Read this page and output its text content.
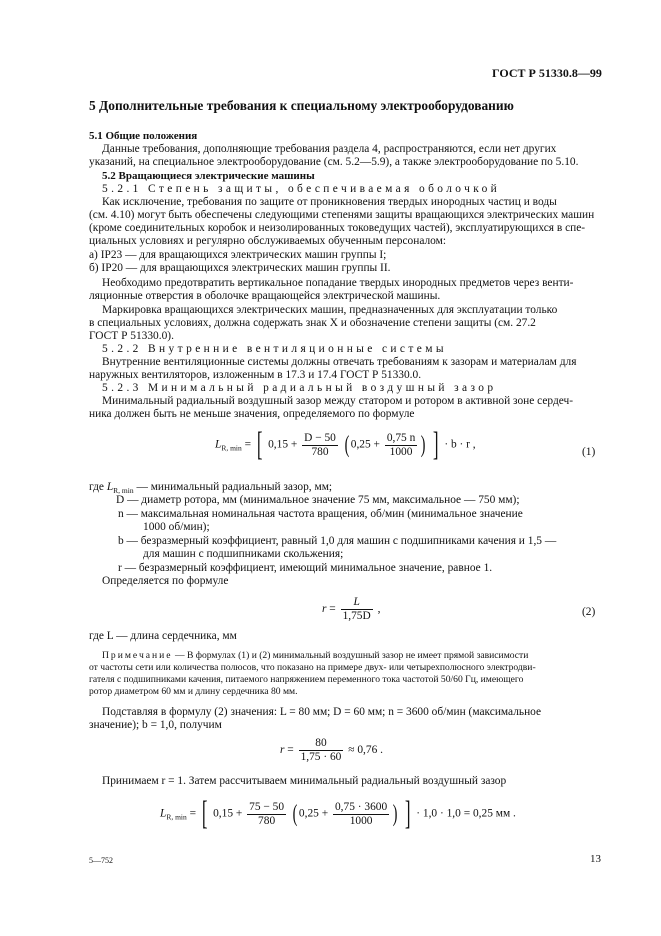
ГОСТ Р 51330.8—99
5 Дополнительные требования к специальному электрооборудованию
5.1 Общие положения
Данные требования, дополняющие требования раздела 4, распространяются, если нет других
указаний, на специальное электрооборудование (см. 5.2—5.9), а также электрооборудование по 5.10.
5.2 Вращающиеся электрические машины
5.2.1 Степень защиты, обеспечиваемая оболочкой
Как исключение, требования по защите от проникновения твердых инородных частиц и воды
(см. 4.10) могут быть обеспечены следующими степенями защиты вращающихся электрических машин
(кроме соединительных коробок и неизолированных токоведущих частей), эксплуатирующихся в спе-
циальных условиях и регулярно обслуживаемых обученным персоналом:
а) IP23 — для вращающихся электрических машин группы I;
б) IP20 — для вращающихся электрических машин группы II.
Необходимо предотвратить вертикальное попадание твердых инородных предметов через венти-
ляционные отверстия в оболочке вращающейся электрической машины.
Маркировка вращающихся электрических машин, предназначенных для эксплуатации только
в специальных условиях, должна содержать знак X и обозначение степени защиты (см. 27.2
ГОСТ Р 51330.0).
5.2.2 Внутренние вентиляционные системы
Внутренние вентиляционные системы должны отвечать требованиям к зазорам и материалам для
наружных вентиляторов, изложенным в 17.3 и 17.4 ГОСТ Р 51330.0.
5.2.3 Минимальный радиальный воздушный зазор
Минимальный радиальный воздушный зазор между статором и ротором в активной зоне сердеч-
ника должен быть не меньше значения, определяемого по формуле
$L_{R, min}$ = [ $0,15 + \frac{D - 50}{780}$ ( $0,25 + \frac{0,75 n}{1000}$ ) ] · b · r ,
(1)
где $L_{R, min}$ — минимальный радиальный зазор, мм;
D — диаметр ротора, мм (минимальное значение 75 мм, максимальное — 750 мм);
n — максимальная номинальная частота вращения, об/мин (минимальное значение
1000 об/мин);
b — безразмерный коэффициент, равный 1,0 для машин с подшипниками качения и 1,5 —
для машин с подшипниками скольжения;
r — безразмерный коэффициент, имеющий минимальное значение, равное 1.
Определяется по формуле
$r = \frac{L}{1,75D}$ ,	(2)
где L — длина сердечника, мм
Примечание — В формулах (1) и (2) минимальный воздушный зазор не имеет прямой зависимости
от частоты сети или количества полюсов, что показано на примере двух- или четырехполюсного электродви-
гателя с подшипниками качения, питаемого напряжением переменного тока частотой 50/60 Гц, имеющего
ротор диаметром 60 мм и длину сердечника 80 мм.
Подставляя в формулу (2) значения: L = 80 мм; D = 60 мм; n = 3600 об/мин (максимальное
значение); b = 1,0, получим
$r = \frac{80}{1,75 \cdot 60} \approx 0,76$ .
Принимаем r = 1. Затем рассчитываем минимальный радиальный воздушный зазор
$L_{R, min}$ = [ $0,15 + \frac{75 - 50}{780}$ ( $0,25 + \frac{0,75 \cdot 3600}{1000}$ ) ] · 1,0 · 1,0 = 0,25 мм .
5—752	13
